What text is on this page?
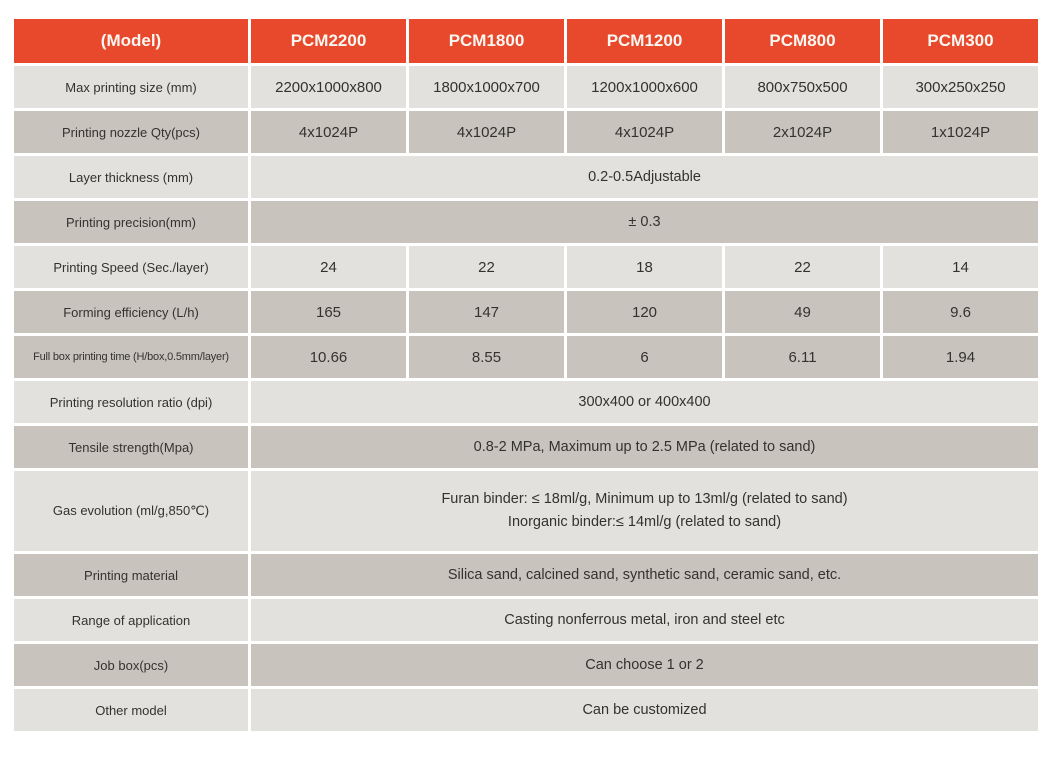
(Model)	PCM2200	PCM1800	PCM1200	PCM800	PCM300
Max printing size (mm)	2200x1000x800	1800x1000x700	1200x1000x600	800x750x500	300x250x250
Printing nozzle Qty(pcs)	4x1024P	4x1024P	4x1024P	2x1024P	1x1024P
Layer thickness (mm)	0.2-0.5Adjustable				
Printing precision(mm)	± 0.3				
Printing Speed (Sec./layer)	24	22	18	22	14
Forming efficiency (L/h)	165	147	120	49	9.6
Full box printing time (H/box,0.5mm/layer)	10.66	8.55	6	6.11	1.94
Printing resolution ratio (dpi)	300x400 or 400x400				
Tensile strength(Mpa)	0.8-2 MPa, Maximum up to 2.5 MPa (related to sand)				
Gas evolution (ml/g,850℃)	Furan binder: ≤ 18ml/g, Minimum up to 13ml/g (related to sand)
Inorganic binder:≤ 14ml/g (related to sand)				

Printing material	Silica sand, calcined sand, synthetic sand, ceramic sand, etc.				
Range of application	Casting nonferrous metal, iron and steel etc				
Job box(pcs)	Can choose 1 or 2				
Other model	Can be customized				
